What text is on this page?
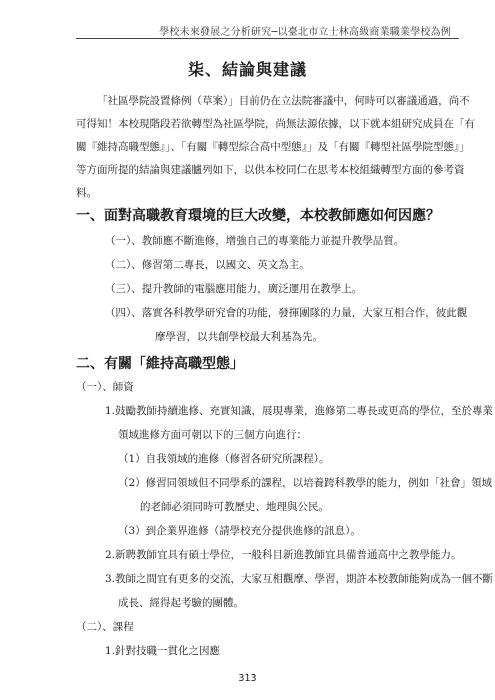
學校未來發展之分析研究─以臺北市立士林高級商業職業學校為例
柒、結論與建議

「社區學院設置條例（草案）」目前仍在立法院審議中，何時可以審議通過，尚不

可得知！本校現階段若欲轉型為社區學院，尚無法源依據，以下就本組研究成員在「有

關『維持高職型態』」、「有關『轉型綜合高中型態』」及「有關『轉型社區學院型態』」

等方面所提的結論與建議臚列如下，以供本校同仁在思考本校組織轉型方面的參考資

料。

一、面對高職教育環境的巨大改變，本校教師應如何因應？
（一）、教師應不斷進修，增強自己的專業能力並提升教學品質。
（二）、修習第二專長，以國文、英文為主。
（三）、提升教師的電腦應用能力，廣泛運用在教學上。
（四）、落實各科教學研究會的功能，發揮團隊的力量，大家互相合作，彼此觀
摩學習，以共創學校最大利基為先。
二、有關「維持高職型態」
（一）、師資
1.鼓勵教師持續進修、充實知識，展現專業，進修第二專長或更高的學位，至於專業
領域進修方面可朝以下的三個方向進行：
（1）自我領域的進修（修習各研究所課程）。
（2）修習同領域但不同學系的課程，以培養跨科教學的能力，例如「社會」領域
的老師必須同時可教歷史、地理與公民。
（3）到企業界進修（請學校充分提供進修的訊息）。
2.新聘教師宜具有碩士學位，一般科目新進教師宜具備普通高中之教學能力。
3.教師之間宜有更多的交流，大家互相觀摩、學習，期許本校教師能夠成為一個不斷
成長、經得起考驗的團體。
（二）、課程
1.針對技職一貫化之因應
313
